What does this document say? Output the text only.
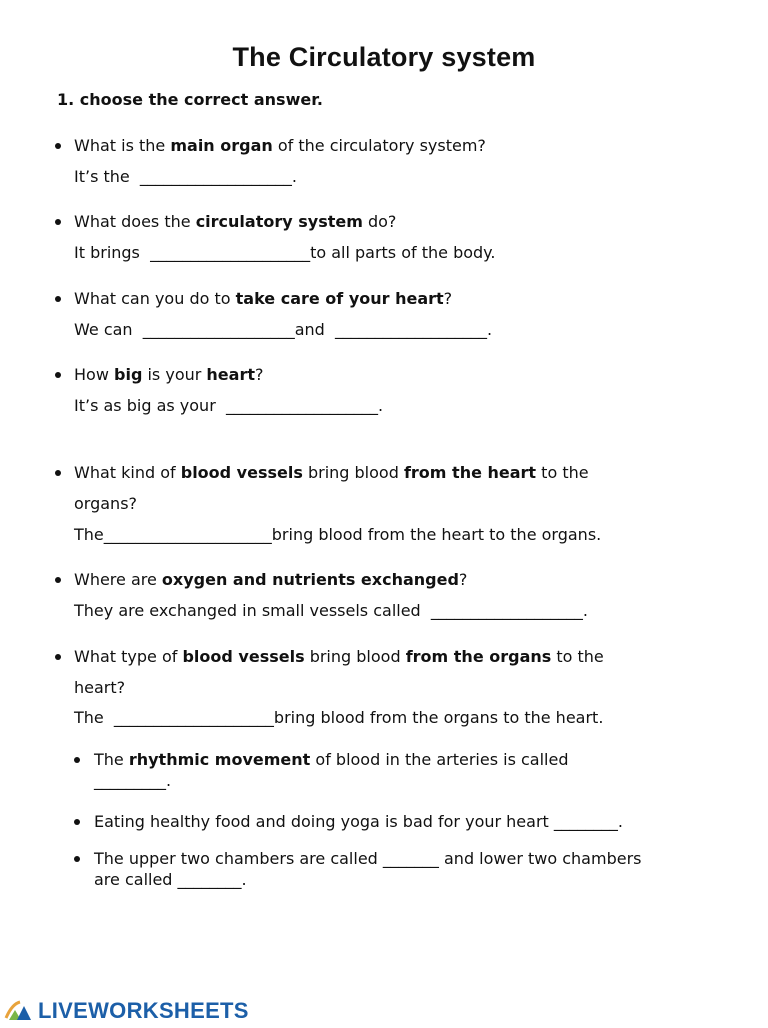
The Circulatory system
1. choose the correct answer.
What is the main organ of the circulatory system?
It’s the  ___________________.
What does the circulatory system do?
It brings  ____________________to all parts of the body.
What can you do to take care of your heart?
We can  ___________________and  ___________________.
How big is your heart?
It’s as big as your  ___________________.
What kind of blood vessels bring blood from the heart to the
organs?
The_____________________bring blood from the heart to the organs.
Where are oxygen and nutrients exchanged?
They are exchanged in small vessels called  ___________________.
What type of blood vessels bring blood from the organs to the
heart?
The  ____________________bring blood from the organs to the heart.
The rhythmic movement of blood in the arteries is called
_________.
Eating healthy food and doing yoga is bad for your heart ________.
The upper two chambers are called _______ and lower two chambers
are called ________.
LIVEWORKSHEETS
